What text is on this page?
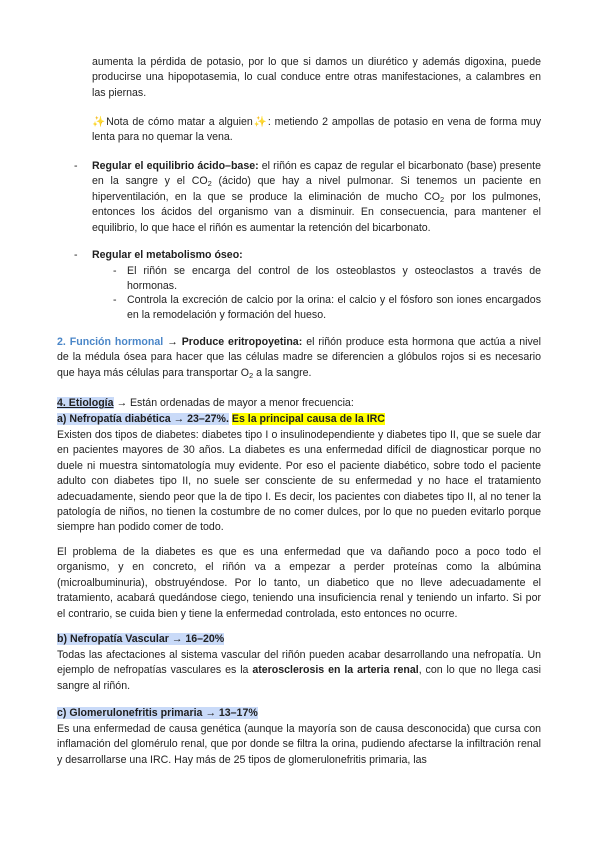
aumenta la pérdida de potasio, por lo que si damos un diurético y además digoxina, puede producirse una hipopotasemia, lo cual conduce entre otras manifestaciones, a calambres en las piernas.

✨Nota de cómo matar a alguien✨: metiendo 2 ampollas de potasio en vena de forma muy lenta para no quemar la vena.

- Regular el equilibrio ácido–base: el riñón es capaz de regular el bicarbonato (base) presente en la sangre y el $CO_2$ (ácido) que hay a nivel pulmonar. Si tenemos un paciente en hiperventilación, en la que se produce la eliminación de mucho $CO_2$ por los pulmones, entonces los ácidos del organismo van a disminuir. En consecuencia, para mantener el equilibrio, lo que hace el riñón es aumentar la retención del bicarbonato.

- Regular el metabolismo óseo:

- El riñón se encarga del control de los osteoblastos y osteoclastos a través de hormonas.

- Controla la excreción de calcio por la orina: el calcio y el fósforo son iones encargados en la remodelación y formación del hueso.

2. Función hormonal → Produce eritropoyetina: el riñón produce esta hormona que actúa a nivel de la médula ósea para hacer que las células madre se diferencien a glóbulos rojos si es necesario que haya más células para transportar $O_2$ a la sangre.

4. Etiología → Están ordenadas de mayor a menor frecuencia:

a) Nefropatía diabética → 23–27%. Es la principal causa de la IRC

Existen dos tipos de diabetes: diabetes tipo I o insulinodependiente y diabetes tipo II, que se suele dar en pacientes mayores de 30 años. La diabetes es una enfermedad difícil de diagnosticar porque no duele ni muestra sintomatología muy evidente. Por eso el paciente diabético, sobre todo el paciente adulto con diabetes tipo II, no suele ser consciente de su enfermedad y no hace el tratamiento adecuadamente, siendo peor que la de tipo I. Es decir, los pacientes con diabetes tipo II, al no tener la patología de niños, no tienen la costumbre de no comer dulces, por lo que no pueden evitarlo porque siempre han podido comer de todo.

El problema de la diabetes es que es una enfermedad que va dañando poco a poco todo el organismo, y en concreto, el riñón va a empezar a perder proteínas como la albúmina (microalbuminuria), obstruyéndose. Por lo tanto, un diabetico que no lleve adecuadamente el tratamiento, acabará quedándose ciego, teniendo una insuficiencia renal y teniendo un infarto. Si por el contrario, se cuida bien y tiene la enfermedad controlada, esto entonces no ocurre.

b) Nefropatía Vascular → 16–20%

Todas las afectaciones al sistema vascular del riñón pueden acabar desarrollando una nefropatía. Un ejemplo de nefropatías vasculares es la aterosclerosis en la arteria renal, con lo que no llega casi sangre al riñón.

c) Glomerulonefritis primaria → 13–17%

Es una enfermedad de causa genética (aunque la mayoría son de causa desconocida) que cursa con inflamación del glomérulo renal, que por donde se filtra la orina, pudiendo afectarse la infiltración renal y desarrollarse una IRC. Hay más de 25 tipos de glomerulonefritis primaria, las
